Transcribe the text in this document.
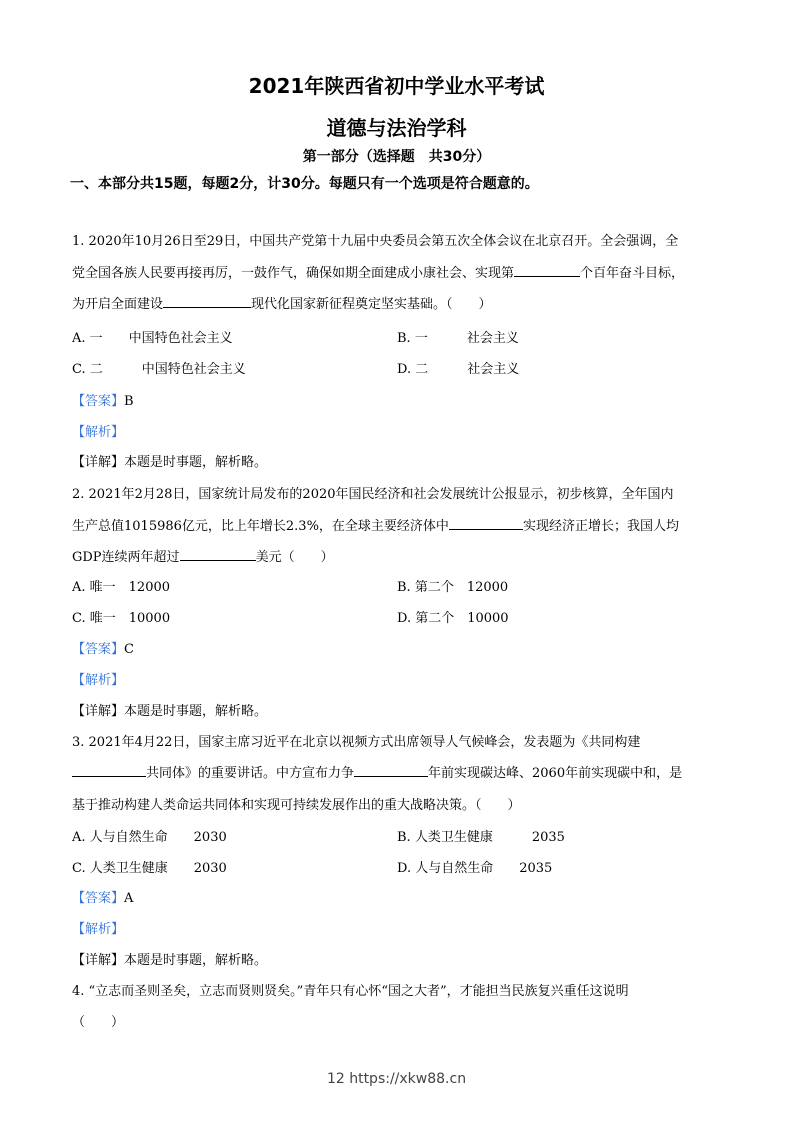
2021年陕西省初中学业水平考试
道德与法治学科
第一部分（选择题　共30分）
一、本部分共15题，每题2分，计30分。每题只有一个选项是符合题意的。
1. 2020年10月26日至29日，中国共产党第十九届中央委员会第五次全体会议在北京召开。全会强调，全
党全国各族人民要再接再厉，一鼓作气，确保如期全面建成小康社会、实现第	个百年奋斗目标，
为开启全面建设	现代化国家新征程奠定坚实基础。（　　）
A. 一　　中国特色社会主义	B. 一　　　社会主义
C. 二　　　中国特色社会主义	D. 二　　　社会主义
【答案】B
【解析】
【详解】本题是时事题，解析略。
2. 2021年2月28日，国家统计局发布的2020年国民经济和社会发展统计公报显示，初步核算，全年国内
生产总值1015986亿元，比上年增长2.3%，在全球主要经济体中	实现经济正增长；我国人均
GDP连续两年超过	美元（　　）
A. 唯一　12000	B. 第二个　12000
C. 唯一　10000	D. 第二个　10000
【答案】C
【解析】
【详解】本题是时事题，解析略。
3. 2021年4月22日，国家主席习近平在北京以视频方式出席领导人气候峰会，发表题为《共同构建
共同体》的重要讲话。中方宣布力争	年前实现碳达峰、2060年前实现碳中和，是
基于推动构建人类命运共同体和实现可持续发展作出的重大战略决策。（　　）
A. 人与自然生命　　2030	B. 人类卫生健康　　　2035
C. 人类卫生健康　　2030	D. 人与自然生命　　2035
【答案】A
【解析】
【详解】本题是时事题，解析略。
4. “立志而圣则圣矣，立志而贤则贤矣。”青年只有心怀“国之大者”，才能担当民族复兴重任这说明
（　　）
12 https://xkw88.cn
